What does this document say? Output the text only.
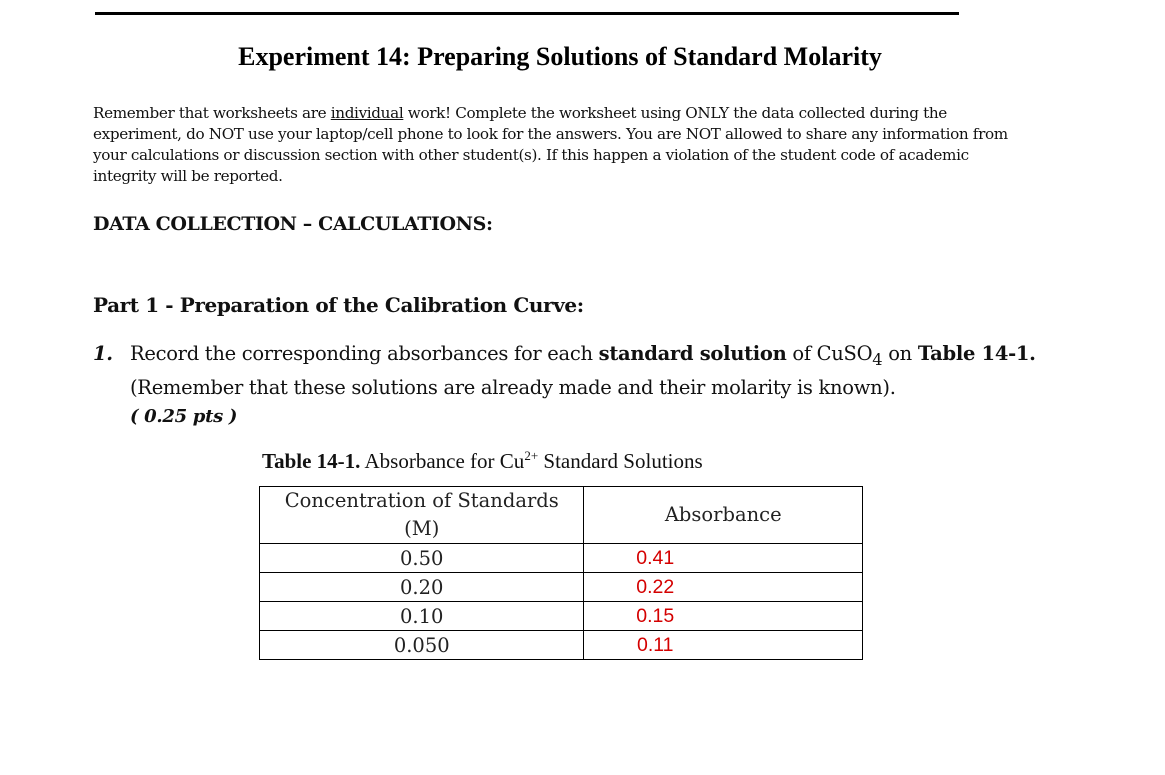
Experiment 14: Preparing Solutions of Standard Molarity

Remember that worksheets are individual work! Complete the worksheet using ONLY the data collected during the experiment, do NOT use your laptop/cell phone to look for the answers. You are NOT allowed to share any information from your calculations or discussion section with other student(s). If this happen a violation of the student code of academic integrity will be reported.

DATA COLLECTION – CALCULATIONS:
Part 1 - Preparation of the Calibration Curve:
1. Record the corresponding absorbances for each standard solution of CuSO$_4$ on Table 14-1. (Remember that these solutions are already made and their molarity is known).
( 0.25 pts )

Table 14-1. Absorbance for $Cu^{2+}$ Standard Solutions

Concentration of Standards
(M)	Absorbance
0.50	0.41
0.20	0.22
0.10	0.15
0.050	0.11
